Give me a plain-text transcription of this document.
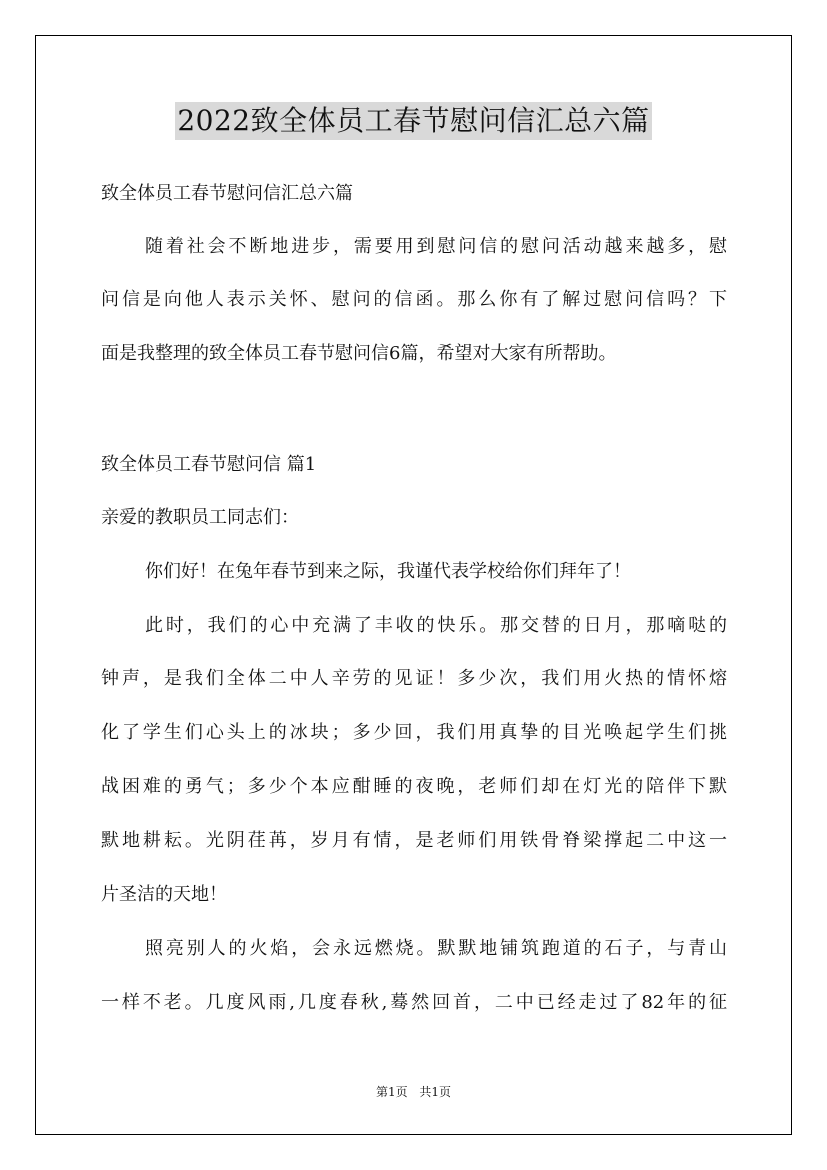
2022致全体员工春节慰问信汇总六篇
致全体员工春节慰问信汇总六篇
随着社会不断地进步，需要用到慰问信的慰问活动越来越多，慰
问信是向他人表示关怀、慰问的信函。那么你有了解过慰问信吗？下
面是我整理的致全体员工春节慰问信6篇，希望对大家有所帮助。
致全体员工春节慰问信 篇1
亲爱的教职员工同志们：
你们好！在兔年春节到来之际，我谨代表学校给你们拜年了！
此时，我们的心中充满了丰收的快乐。那交替的日月，那嘀哒的
钟声，是我们全体二中人辛劳的见证！多少次，我们用火热的情怀熔
化了学生们心头上的冰块；多少回，我们用真挚的目光唤起学生们挑
战困难的勇气；多少个本应酣睡的夜晚，老师们却在灯光的陪伴下默
默地耕耘。光阴荏苒，岁月有情，是老师们用铁骨脊梁撑起二中这一
片圣洁的天地！
照亮别人的火焰，会永远燃烧。默默地铺筑跑道的石子，与青山
一样不老。几度风雨,几度春秋,蓦然回首，二中已经走过了82年的征
第1页 共1页
